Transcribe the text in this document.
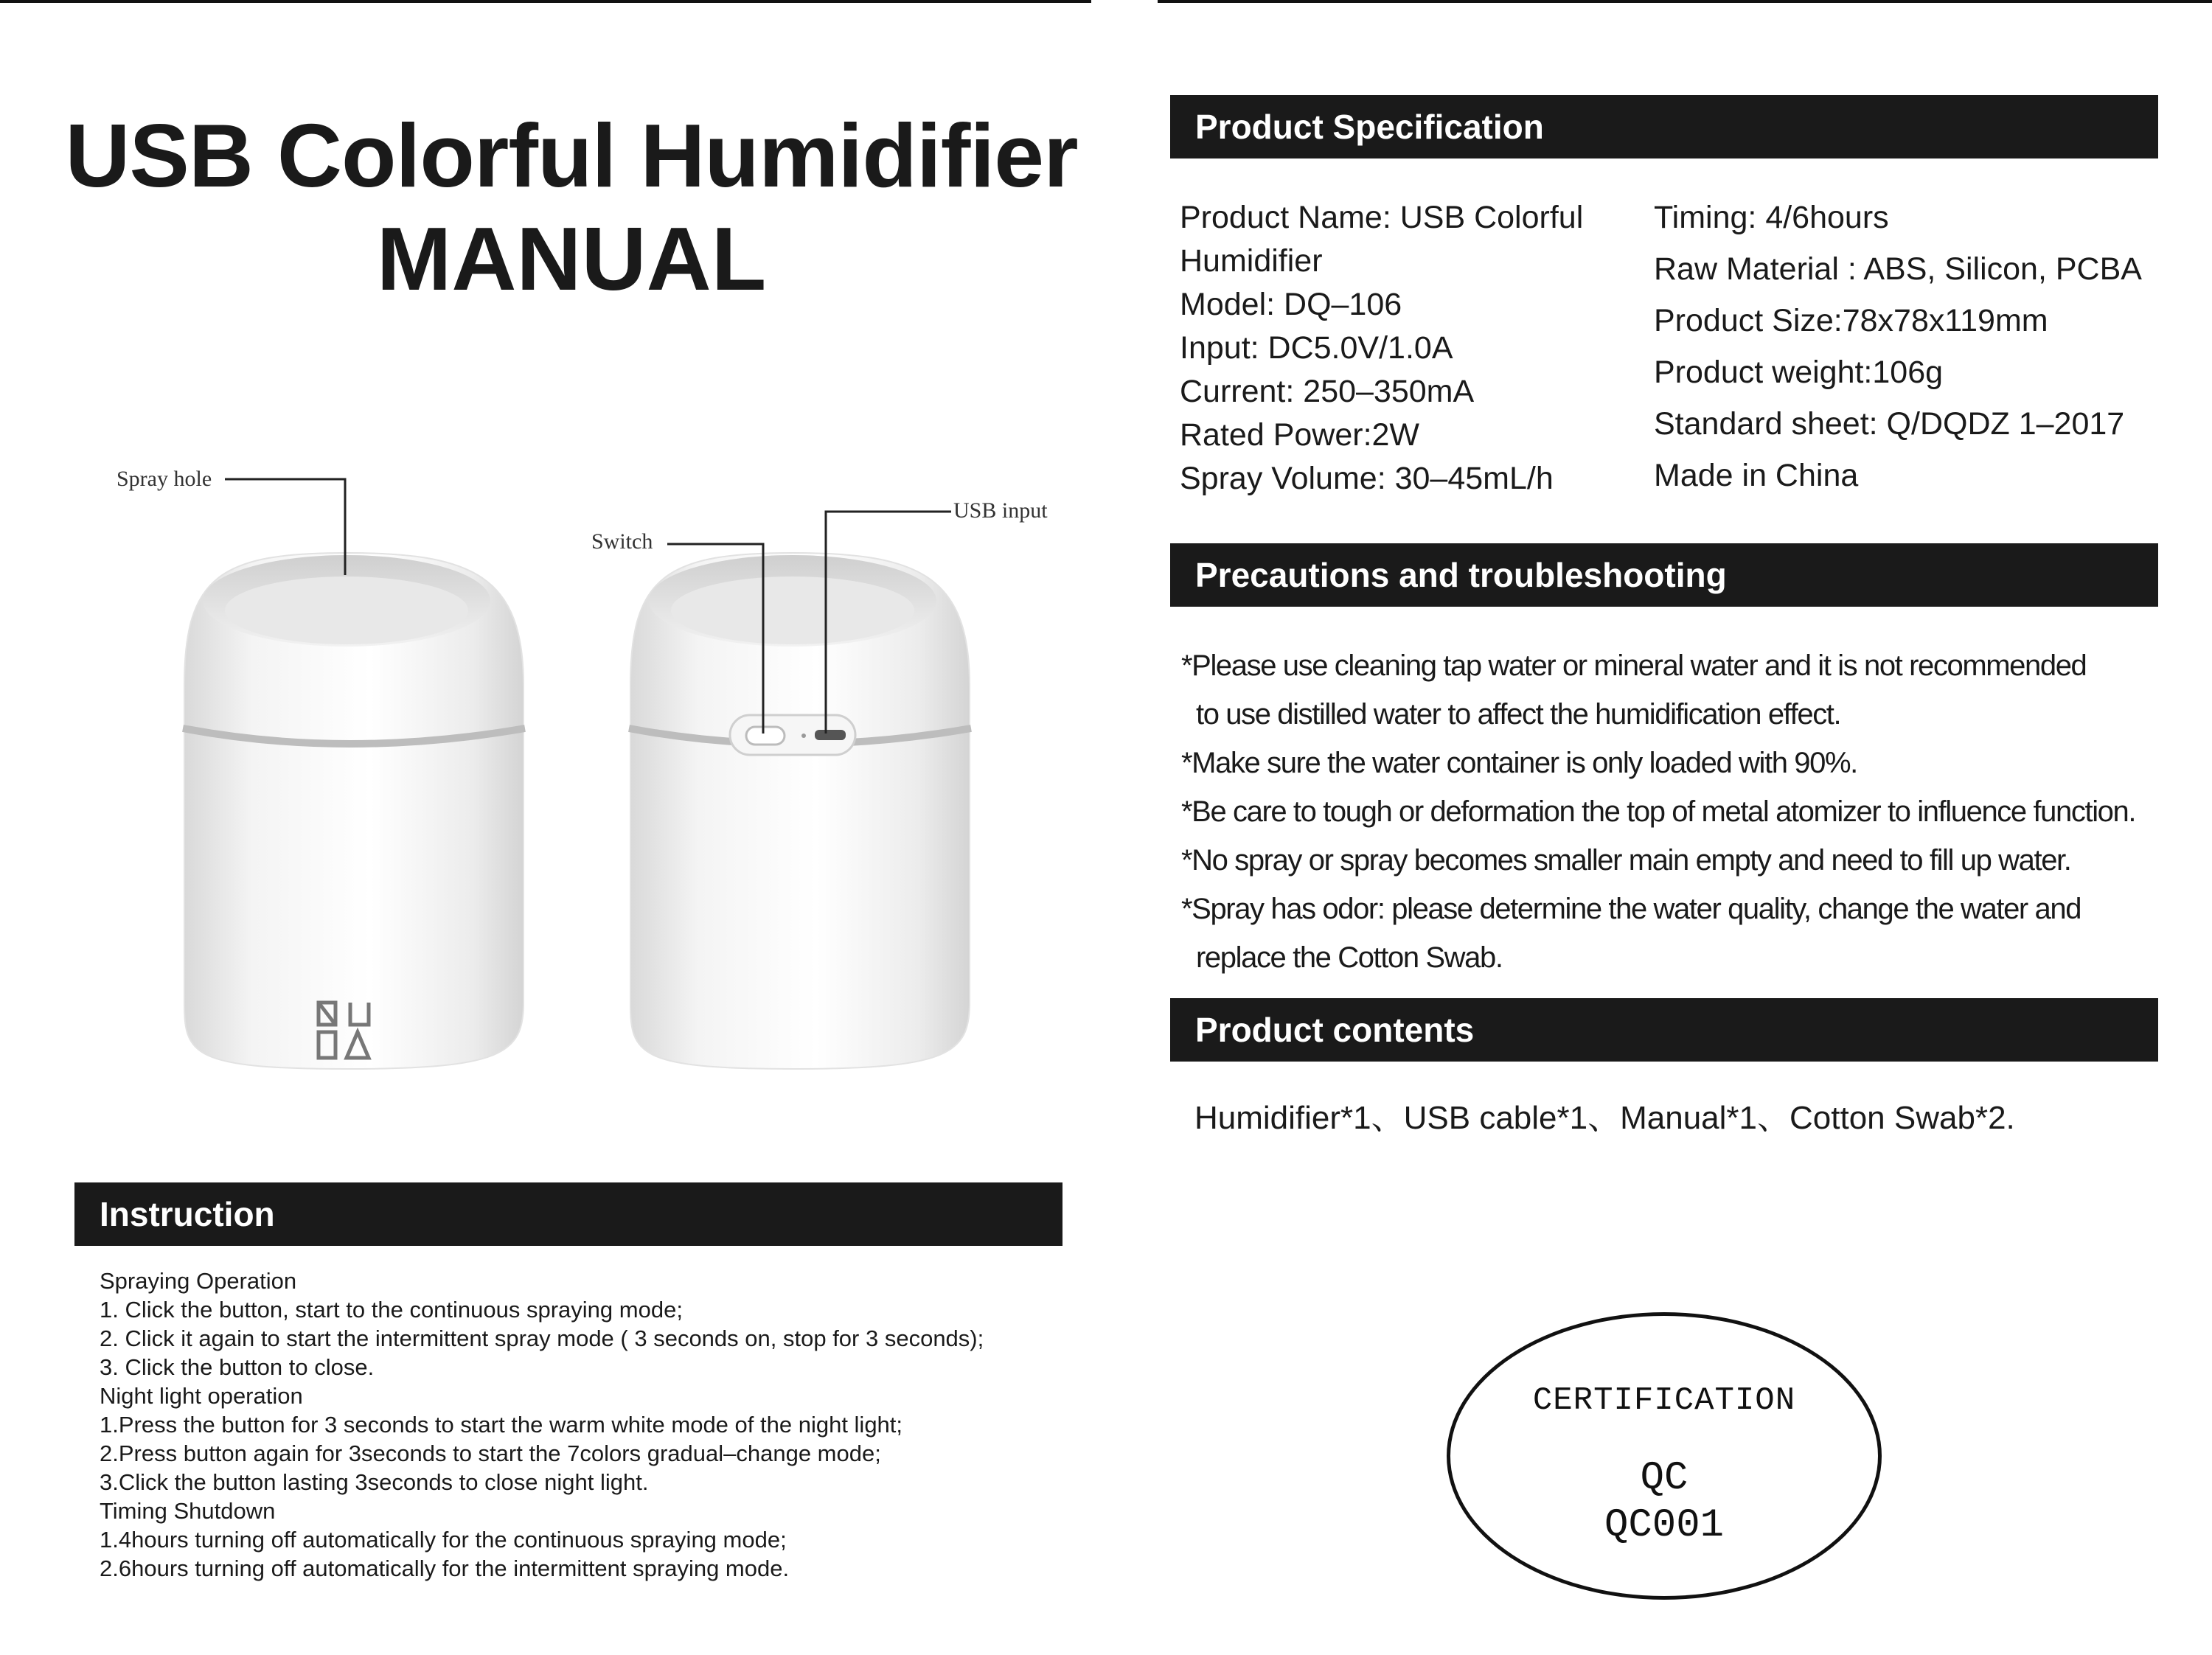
USB Colorful Humidifier
MANUAL
Spray hole
Switch
USB input
Instruction
Spraying Operation
1. Click the button, start to the continuous spraying mode;
2. Click it again to start the intermittent spray mode ( 3 seconds on, stop for 3 seconds);
3. Click the button to close.
Night light operation
1.Press the button for 3 seconds to start the warm white mode of the night light;
2.Press button again for 3seconds to start the 7colors gradual–change mode;
3.Click the button lasting 3seconds to close night light.
Timing Shutdown
1.4hours turning off automatically for the continuous spraying mode;
2.6hours turning off automatically for the intermittent spraying mode.
Product Specification
Product Name: USB Colorful
Humidifier
Model: DQ–106
Input: DC5.0V/1.0A
Current: 250–350mA
Rated Power:2W
Spray Volume: 30–45mL/h
Timing: 4/6hours
Raw Material : ABS, Silicon, PCBA
Product Size:78x78x119mm
Product weight:106g
Standard sheet: Q/DQDZ 1–2017
Made in China
Precautions and troubleshooting
*Please use cleaning tap water or mineral water and it is not recommended
to use distilled water to affect the humidification effect.
*Make sure the water container is only loaded with 90%.
*Be care to tough or deformation the top of metal atomizer to influence function.
*No spray or spray becomes smaller main empty and need to fill up water.
*Spray has odor: please determine the water quality, change the water and
replace the Cotton Swab.
Product contents
Humidifier*1、USB cable*1、Manual*1、Cotton Swab*2.
CERTIFICATION
QC
QC001
